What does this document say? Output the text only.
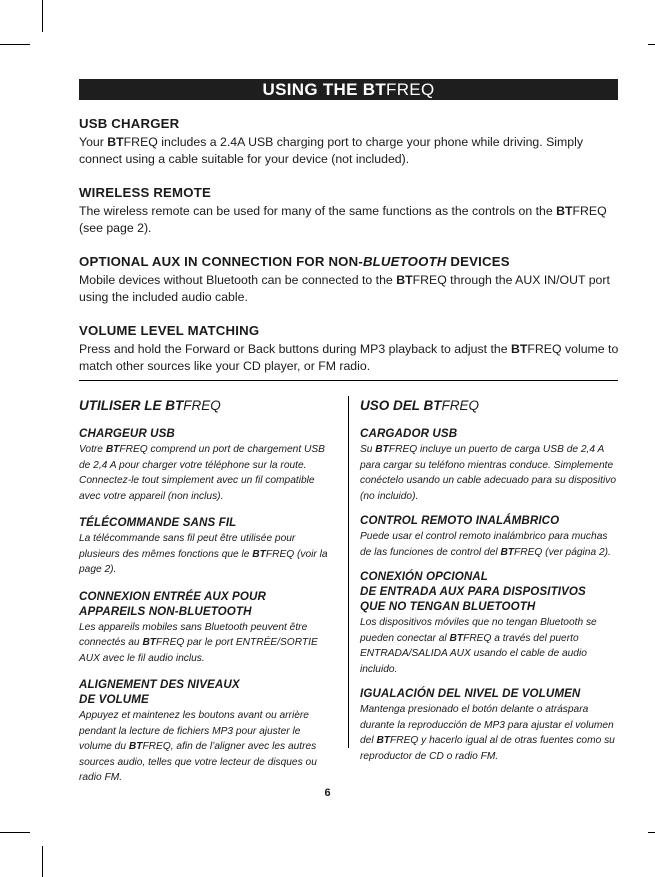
USING THE BTFREQ
USB CHARGER

Your BTFREQ includes a 2.4A USB charging port to charge your phone while driving. Simply connect using a cable suitable for your device (not included).

WIRELESS REMOTE

The wireless remote can be used for many of the same functions as the controls on the BTFREQ (see page 2).

OPTIONAL AUX IN CONNECTION FOR NON-BLUETOOTH DEVICES

Mobile devices without Bluetooth can be connected to the BTFREQ through the AUX IN/OUT port using the included audio cable.

VOLUME LEVEL MATCHING

Press and hold the Forward or Back buttons during MP3 playback to adjust the BTFREQ volume to match other sources like your CD player, or FM radio.

UTILISER LE BTFREQ
CHARGEUR USB

Votre BTFREQ comprend un port de chargement USB de 2,4 A pour charger votre téléphone sur la route. Connectez-le tout simplement avec un fil compatible avec votre appareil (non inclus).

TÉLÉCOMMANDE SANS FIL

La télécommande sans fil peut être utilisée pour plusieurs des mêmes fonctions que le BTFREQ (voir la page 2).

CONNEXION ENTRÉE AUX POUR
APPAREILS NON-BLUETOOTH

Les appareils mobiles sans Bluetooth peuvent être connectés au BTFREQ par le port ENTRÉE/SORTIE AUX avec le fil audio inclus.

ALIGNEMENT DES NIVEAUX
DE VOLUME

Appuyez et maintenez les boutons avant ou arrière pendant la lecture de fichiers MP3 pour ajuster le volume du BTFREQ, afin de l’aligner avec les autres sources audio, telles que votre lecteur de disques ou radio FM.

USO DEL BTFREQ
CARGADOR USB

Su BTFREQ incluye un puerto de carga USB de 2,4 A para cargar su teléfono mientras conduce. Simplemente conéctelo usando un cable adecuado para su dispositivo (no incluido).

CONTROL REMOTO INALÁMBRICO

Puede usar el control remoto inalámbrico para muchas de las funciones de control del BTFREQ (ver página 2).

CONEXIÓN OPCIONAL
DE ENTRADA AUX PARA DISPOSITIVOS
QUE NO TENGAN BLUETOOTH

Los dispositivos móviles que no tengan Bluetooth se pueden conectar al BTFREQ a través del puerto ENTRADA/SALIDA AUX usando el cable de audio incluido.

IGUALACIÓN DEL NIVEL DE VOLUMEN

Mantenga presionado el botón delante o atráspara durante la reproducción de MP3 para ajustar el volumen del BTFREQ y hacerlo igual al de otras fuentes como su reproductor de CD o radio FM.

6
